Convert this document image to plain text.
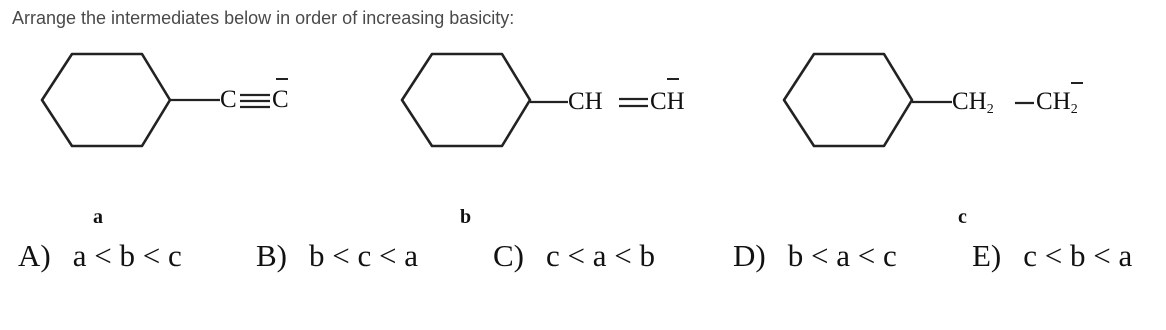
Arrange the intermediates below in order of increasing basicity:
C C	CH CH	$CH_2$ $CH_2$
a	b	c
A) a < b < c B) b < c < a C) c < a < b	D) b < a < c E) c < b < a
